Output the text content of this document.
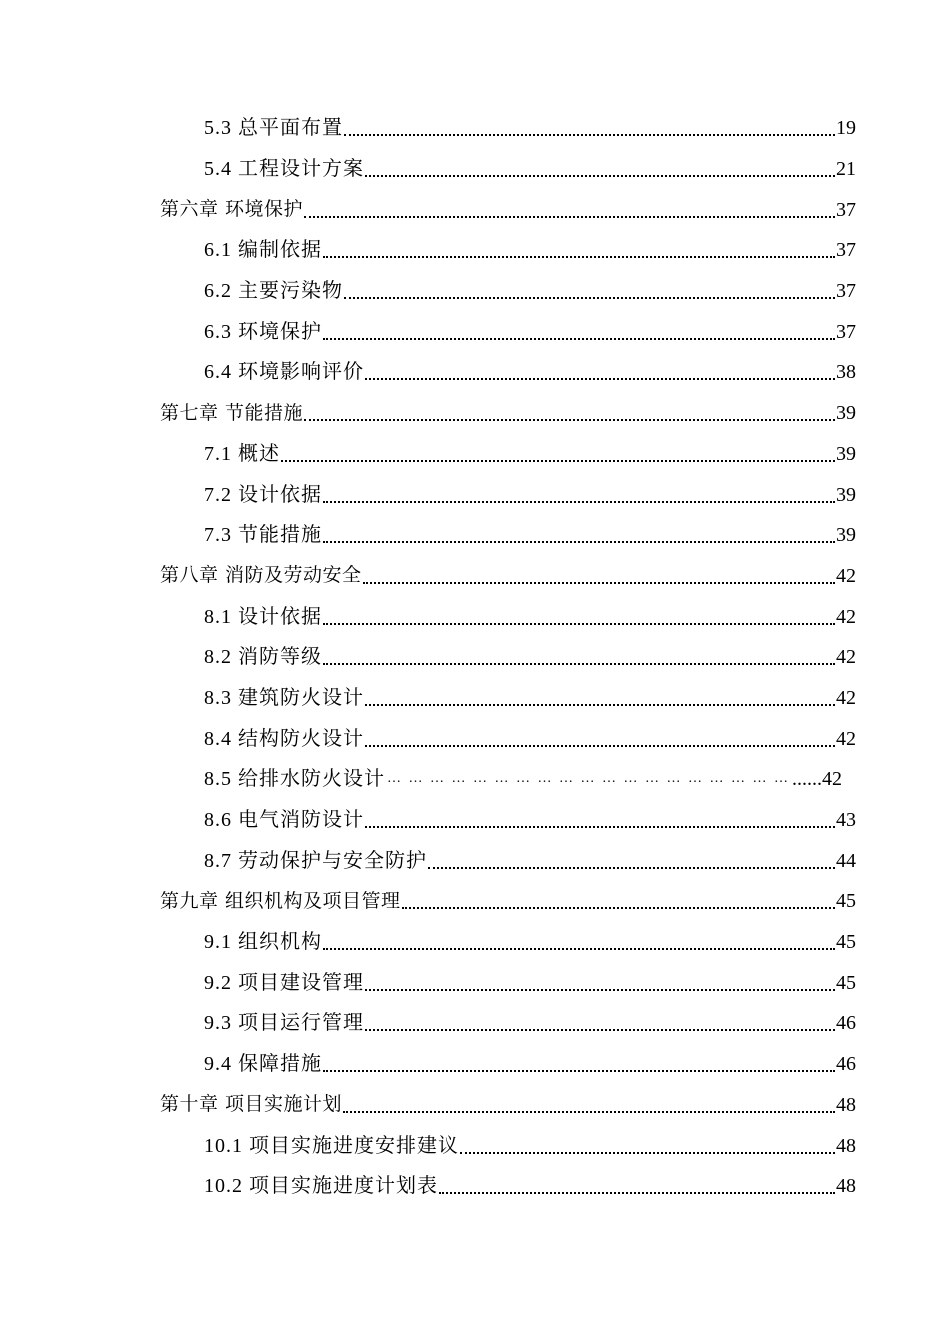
5.3 总平面布置	19
5.4 工程设计方案	21
第六章 环境保护	37
6.1 编制依据	37
6.2 主要污染物	37
6.3 环境保护	37
6.4 环境影响评价	38
第七章 节能措施	39
7.1 概述	39
7.2 设计依据	39
7.3 节能措施	39
第八章 消防及劳动安全	42
8.1 设计依据	42
8.2 消防等级	42
8.3 建筑防火设计	42
8.4 结构防火设计	42
8.5 给排水防火设计 … … … … … … … … … … … … … … … … … … … ......42
8.6 电气消防设计	43
8.7 劳动保护与安全防护	44
第九章 组织机构及项目管理	45
9.1 组织机构	45
9.2 项目建设管理	45
9.3 项目运行管理	46
9.4 保障措施	46
第十章 项目实施计划	48
10.1 项目实施进度安排建议	48
10.2 项目实施进度计划表	48
